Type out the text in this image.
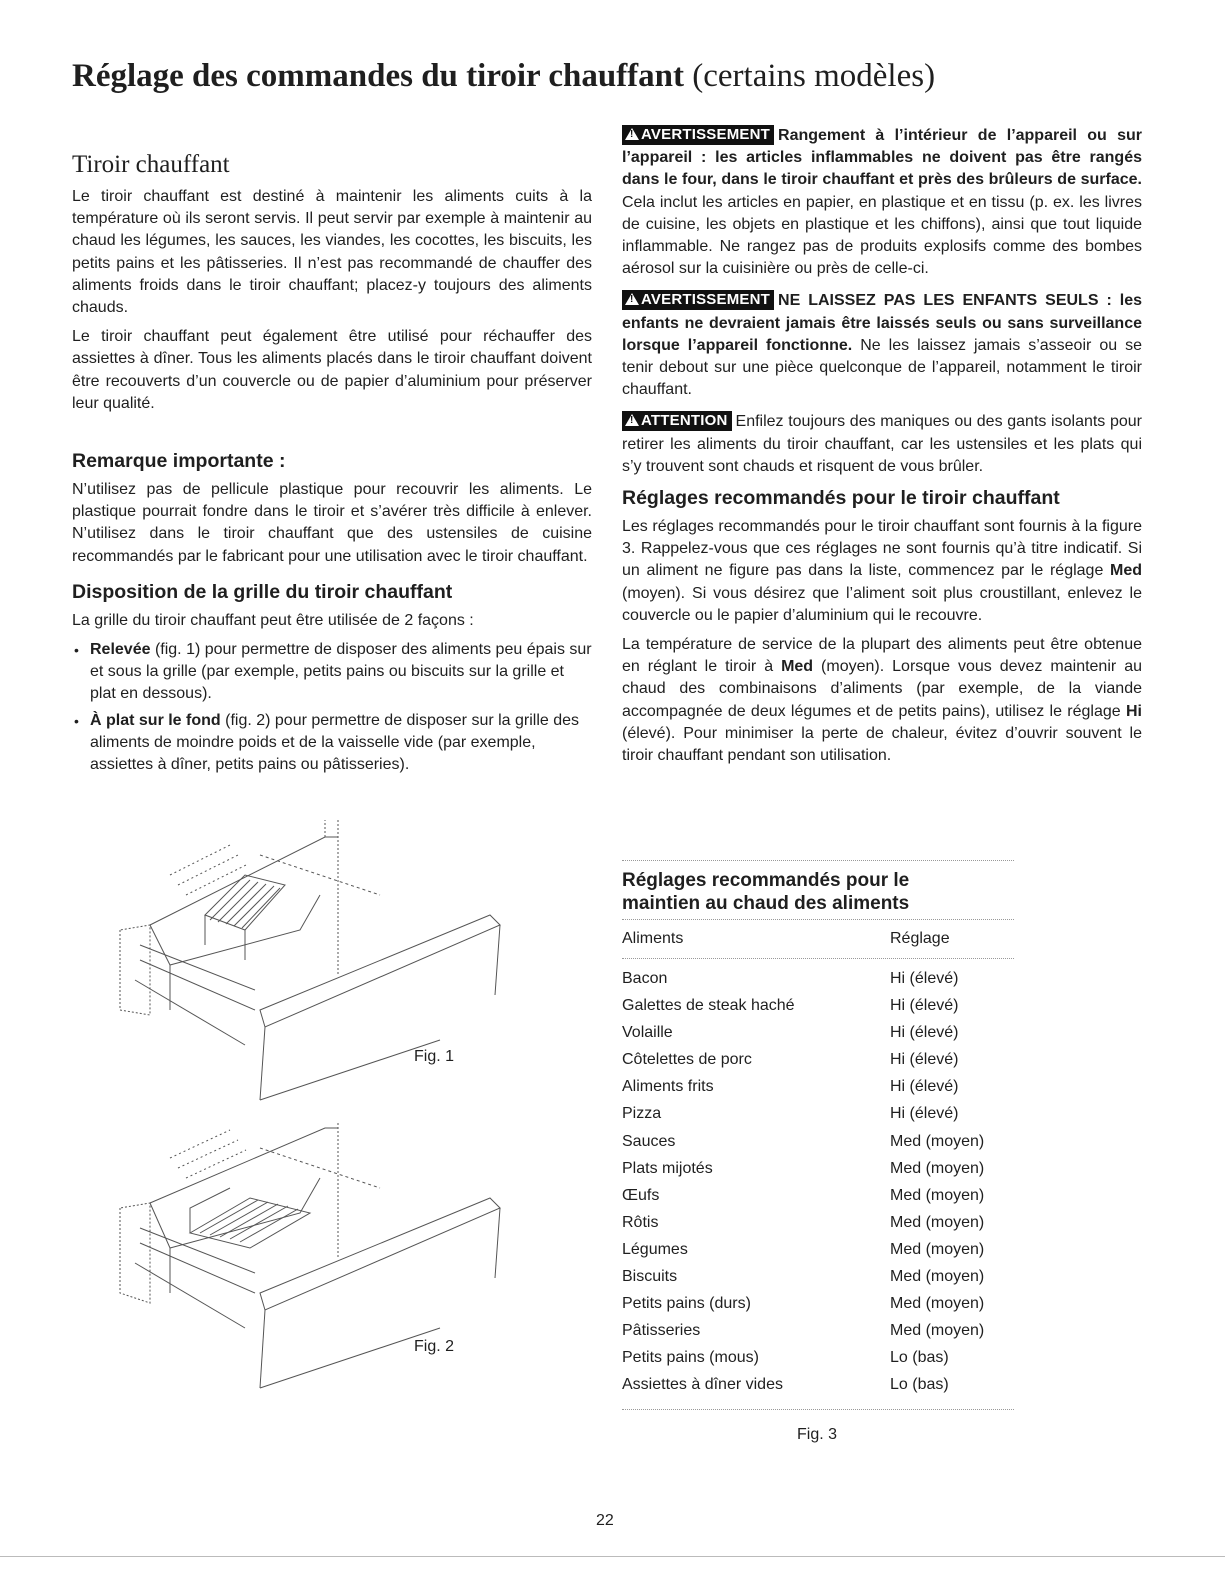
Réglage des commandes du tiroir chauffant (certains modèles)
Tiroir chauffant

Le tiroir chauffant est destiné à maintenir les aliments cuits à la température où ils seront servis. Il peut servir par exemple à maintenir au chaud les légumes, les sauces, les viandes, les cocottes, les biscuits, les petits pains et les pâtisseries. Il n’est pas recommandé de chauffer des aliments froids dans le tiroir chauffant; placez-y toujours des aliments chauds.

Le tiroir chauffant peut également être utilisé pour réchauffer des assiettes à dîner. Tous les aliments placés dans le tiroir chauffant doivent être recouverts d’un couvercle ou de papier d’aluminium pour préserver leur qualité.

Remarque importante :

N’utilisez pas de pellicule plastique pour recouvrir les aliments. Le plastique pourrait fondre dans le tiroir et s’avérer très difficile à enlever. N’utilisez dans le tiroir chauffant que des ustensiles de cuisine recommandés par le fabricant pour une utilisation avec le tiroir chauffant.

Disposition de la grille du tiroir chauffant

La grille du tiroir chauffant peut être utilisée de 2 façons :

• Relevée (fig. 1) pour permettre de disposer des aliments peu épais sur et sous la grille (par exemple, petits pains ou biscuits sur la grille et plat en dessous).
• À plat sur le fond (fig. 2) pour permettre de disposer sur la grille des aliments de moindre poids et de la vaisselle vide (par exemple, assiettes à dîner, petits pains ou pâtisseries).
Fig. 1
Fig. 2

! AVERTISSEMENT Rangement à l’intérieur de l’appareil ou sur l’appareil : les articles inflammables ne doivent pas être rangés dans le four, dans le tiroir chauffant et près des brûleurs de surface. Cela inclut les articles en papier, en plastique et en tissu (p. ex. les livres de cuisine, les objets en plastique et les chiffons), ainsi que tout liquide inflammable. Ne rangez pas de produits explosifs comme des bombes aérosol sur la cuisinière ou près de celle-ci.

! AVERTISSEMENT NE LAISSEZ PAS LES ENFANTS SEULS : les enfants ne devraient jamais être laissés seuls ou sans surveillance lorsque l’appareil fonctionne. Ne les laissez jamais s’asseoir ou se tenir debout sur une pièce quelconque de l’appareil, notamment le tiroir chauffant.

! ATTENTION Enfilez toujours des maniques ou des gants isolants pour retirer les aliments du tiroir chauffant, car les ustensiles et les plats qui s’y trouvent sont chauds et risquent de vous brûler.

Réglages recommandés pour le tiroir chauffant

Les réglages recommandés pour le tiroir chauffant sont fournis à la figure 3. Rappelez-vous que ces réglages ne sont fournis qu’à titre indicatif. Si un aliment ne figure pas dans la liste, commencez par le réglage Med (moyen). Si vous désirez que l’aliment soit plus croustillant, enlevez le couvercle ou le papier d’aluminium qui le recouvre.

La température de service de la plupart des aliments peut être obtenue en réglant le tiroir à Med (moyen). Lorsque vous devez maintenir au chaud des combinaisons d’aliments (par exemple, de la viande accompagnée de deux légumes et de petits pains), utilisez le réglage Hi (élevé). Pour minimiser la perte de chaleur, évitez d’ouvrir souvent le tiroir chauffant pendant son utilisation.

Réglages recommandés pour le
maintien au chaud des aliments
Aliments	Réglage
Bacon	Hi (élevé)
Galettes de steak haché	Hi (élevé)
Volaille	Hi (élevé)
Côtelettes de porc	Hi (élevé)
Aliments frits	Hi (élevé)
Pizza	Hi (élevé)
Sauces	Med (moyen)
Plats mijotés	Med (moyen)
Œufs	Med (moyen)
Rôtis	Med (moyen)
Légumes	Med (moyen)
Biscuits	Med (moyen)
Petits pains (durs)	Med (moyen)
Pâtisseries	Med (moyen)
Petits pains (mous)	Lo (bas)
Assiettes à dîner vides	Lo (bas)
Fig. 3
22
